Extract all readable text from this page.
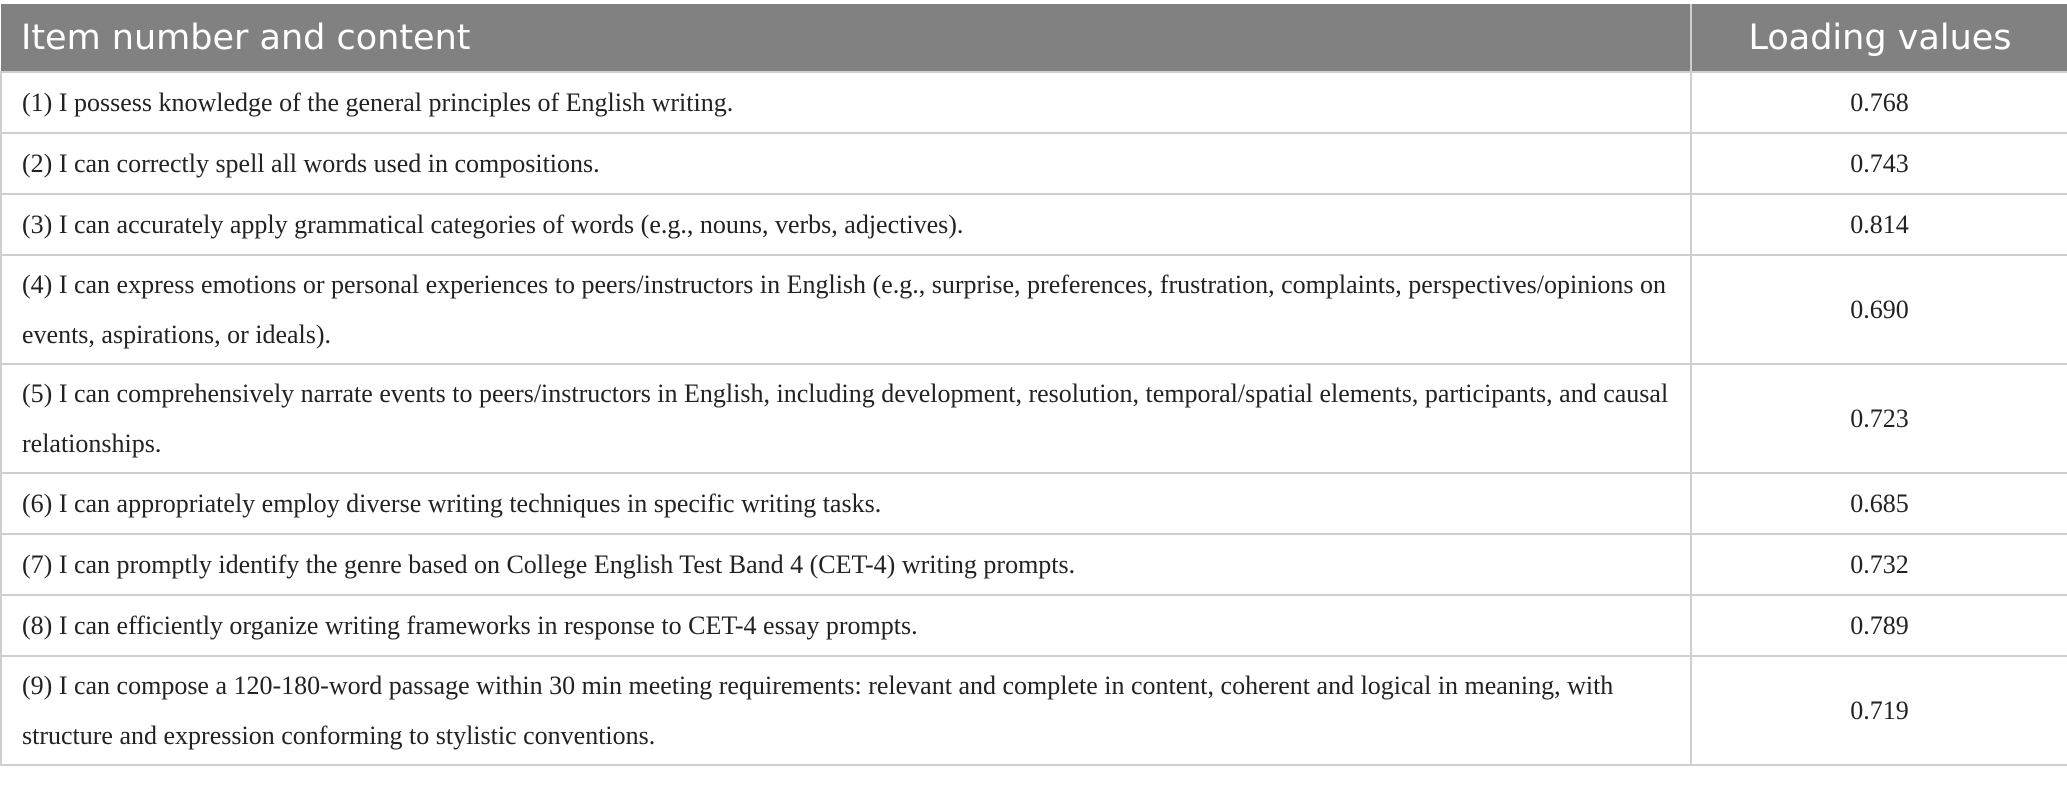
Item number and content	Loading values
(1) I possess knowledge of the general principles of English writing.	0.768
(2) I can correctly spell all words used in compositions.	0.743
(3) I can accurately apply grammatical categories of words (e.g., nouns, verbs, adjectives).	0.814
(4) I can express emotions or personal experiences to peers/instructors in English (e.g., surprise, preferences, frustration, complaints, perspectives/opinions on events, aspirations, or ideals).	0.690
(5) I can comprehensively narrate events to peers/instructors in English, including development, resolution, temporal/spatial elements, participants, and causal relationships.	0.723
(6) I can appropriately employ diverse writing techniques in specific writing tasks.	0.685
(7) I can promptly identify the genre based on College English Test Band 4 (CET-4) writing prompts.	0.732
(8) I can efficiently organize writing frameworks in response to CET-4 essay prompts.	0.789
(9) I can compose a 120-180-word passage within 30 min meeting requirements: relevant and complete in content, coherent and logical in meaning, with structure and expression conforming to stylistic conventions.	0.719
